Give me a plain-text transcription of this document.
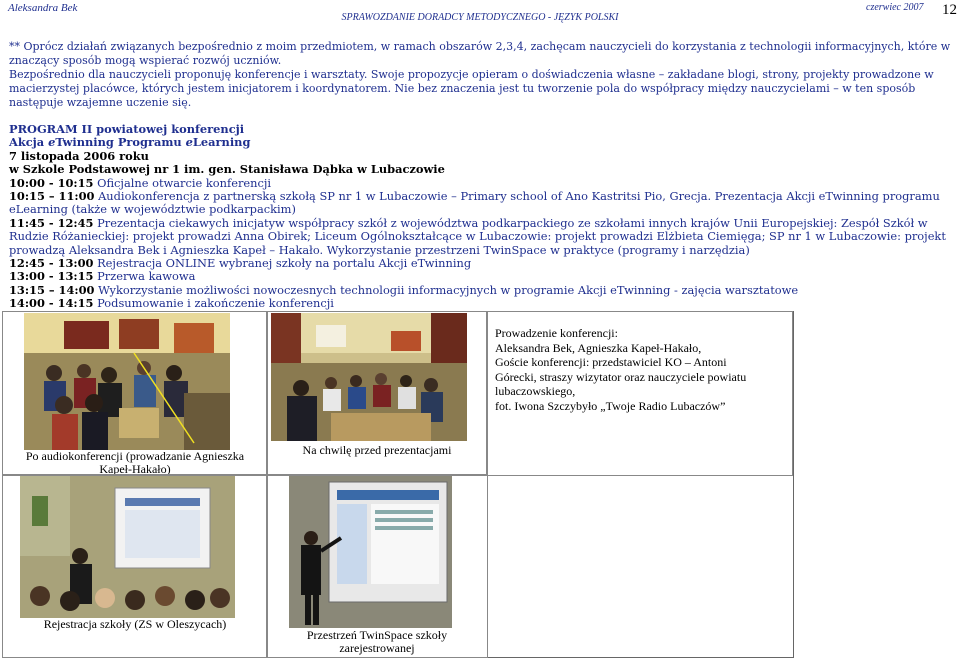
Aleksandra Bek
SPRAWOZDANIE DORADCY METODYCZNEGO - JĘZYK POLSKI
czerwiec 2007 12

** Oprócz działań związanych bezpośrednio z moim przedmiotem, w ramach obszarów 2,3,4, zachęcam nauczycieli do korzystania z technologii informacyjnych, które w znaczący sposób mogą wspierać rozwój uczniów.

Bezpośrednio dla nauczycieli proponuję konferencje i warsztaty. Swoje propozycje opieram o doświadczenia własne – zakładane blogi, strony, projekty prowadzone w macierzystej placówce, których jestem inicjatorem i koordynatorem. Nie bez znaczenia jest tu tworzenie pola do współpracy między nauczycielami – w ten sposób następuje wzajemne uczenie się.

PROGRAM II powiatowej konferencji
Akcja eTwinning Programu eLearning
7 listopada 2006 roku
w Szkole Podstawowej nr 1 im. gen. Stanisława Dąbka w Lubaczowie
10:00 - 10:15 Oficjalne otwarcie konferencji
10:15 – 11:00 Audiokonferencja z partnerską szkołą SP nr 1 w Lubaczowie – Primary school of Ano Kastritsi Pio, Grecja. Prezentacja Akcji eTwinning programu eLearning (także w województwie podkarpackim)
11:45 - 12:45 Prezentacja ciekawych inicjatyw współpracy szkół z województwa podkarpackiego ze szkołami innych krajów Unii Europejskiej: Zespół Szkół w Rudzie Różanieckiej: projekt prowadzi Anna Obirek; Liceum Ogólnokształcące w Lubaczowie: projekt prowadzi Elżbieta Ciemięga; SP nr 1 w Lubaczowie: projekt prowadzą Aleksandra Bek i Agnieszka Kapeł – Hakało. Wykorzystanie przestrzeni TwinSpace w praktyce (programy i narzędzia)
12:45 - 13:00 Rejestracja ONLINE wybranej szkoły na portalu Akcji eTwinning
13:00 - 13:15 Przerwa kawowa
13:15 – 14:00 Wykorzystanie możliwości nowoczesnych technologii informacyjnych w programie Akcji eTwinning - zajęcia warsztatowe
14:00 - 14:15 Podsumowanie i zakończenie konferencji
Po audiokonferencji (prowadzanie Agnieszka Kapeł-Hakało)
Na chwilę przed prezentacjami
Prowadzenie konferencji:
Aleksandra Bek, Agnieszka Kapeł-Hakało,
Goście konferencji: przedstawiciel KO – Antoni
Górecki, straszy wizytator oraz nauczyciele powiatu
lubaczowskiego,
fot. Iwona Szczybyło „Twoje Radio Lubaczów”
Rejestracja szkoły (ZS w Oleszycach)
Przestrzeń TwinSpace szkoły zarejestrowanej
